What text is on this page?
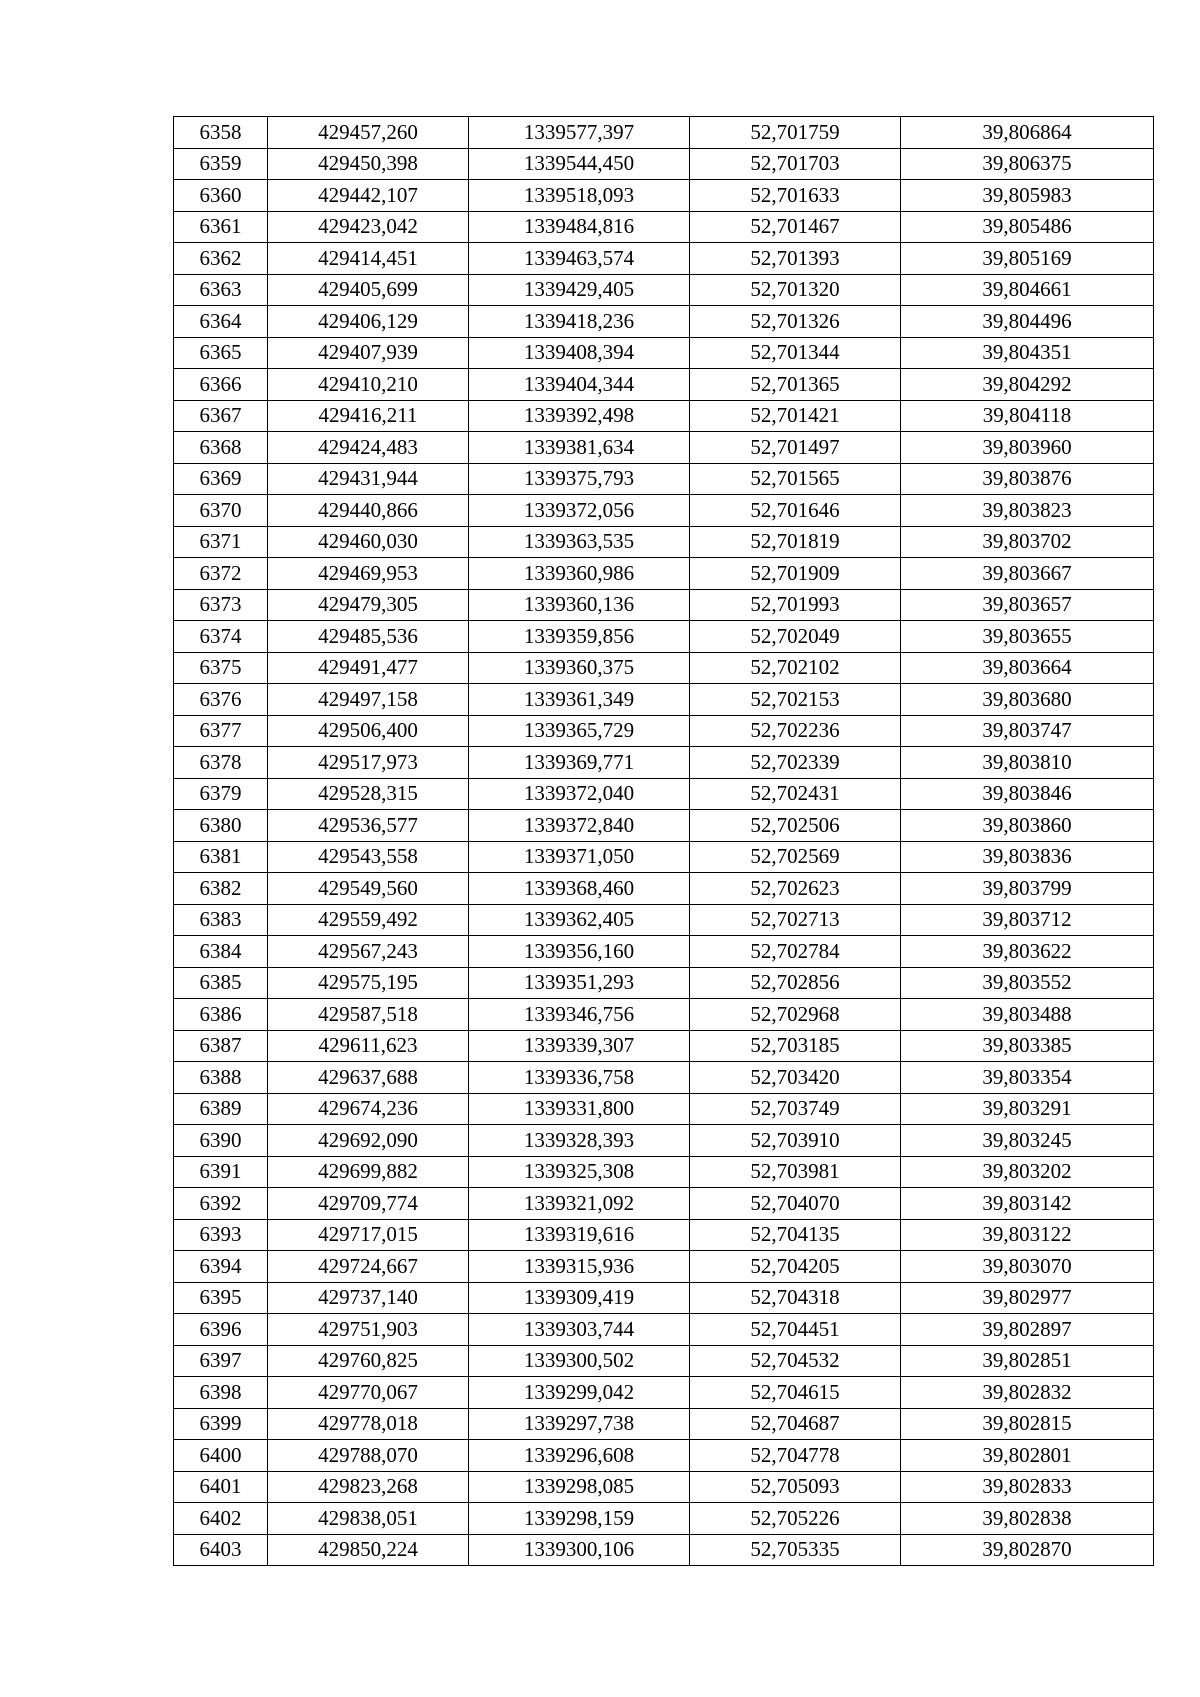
6358	429457,260	1339577,397	52,701759	39,806864
6359	429450,398	1339544,450	52,701703	39,806375
6360	429442,107	1339518,093	52,701633	39,805983
6361	429423,042	1339484,816	52,701467	39,805486
6362	429414,451	1339463,574	52,701393	39,805169
6363	429405,699	1339429,405	52,701320	39,804661
6364	429406,129	1339418,236	52,701326	39,804496
6365	429407,939	1339408,394	52,701344	39,804351
6366	429410,210	1339404,344	52,701365	39,804292
6367	429416,211	1339392,498	52,701421	39,804118
6368	429424,483	1339381,634	52,701497	39,803960
6369	429431,944	1339375,793	52,701565	39,803876
6370	429440,866	1339372,056	52,701646	39,803823
6371	429460,030	1339363,535	52,701819	39,803702
6372	429469,953	1339360,986	52,701909	39,803667
6373	429479,305	1339360,136	52,701993	39,803657
6374	429485,536	1339359,856	52,702049	39,803655
6375	429491,477	1339360,375	52,702102	39,803664
6376	429497,158	1339361,349	52,702153	39,803680
6377	429506,400	1339365,729	52,702236	39,803747
6378	429517,973	1339369,771	52,702339	39,803810
6379	429528,315	1339372,040	52,702431	39,803846
6380	429536,577	1339372,840	52,702506	39,803860
6381	429543,558	1339371,050	52,702569	39,803836
6382	429549,560	1339368,460	52,702623	39,803799
6383	429559,492	1339362,405	52,702713	39,803712
6384	429567,243	1339356,160	52,702784	39,803622
6385	429575,195	1339351,293	52,702856	39,803552
6386	429587,518	1339346,756	52,702968	39,803488
6387	429611,623	1339339,307	52,703185	39,803385
6388	429637,688	1339336,758	52,703420	39,803354
6389	429674,236	1339331,800	52,703749	39,803291
6390	429692,090	1339328,393	52,703910	39,803245
6391	429699,882	1339325,308	52,703981	39,803202
6392	429709,774	1339321,092	52,704070	39,803142
6393	429717,015	1339319,616	52,704135	39,803122
6394	429724,667	1339315,936	52,704205	39,803070
6395	429737,140	1339309,419	52,704318	39,802977
6396	429751,903	1339303,744	52,704451	39,802897
6397	429760,825	1339300,502	52,704532	39,802851
6398	429770,067	1339299,042	52,704615	39,802832
6399	429778,018	1339297,738	52,704687	39,802815
6400	429788,070	1339296,608	52,704778	39,802801
6401	429823,268	1339298,085	52,705093	39,802833
6402	429838,051	1339298,159	52,705226	39,802838
6403	429850,224	1339300,106	52,705335	39,802870
